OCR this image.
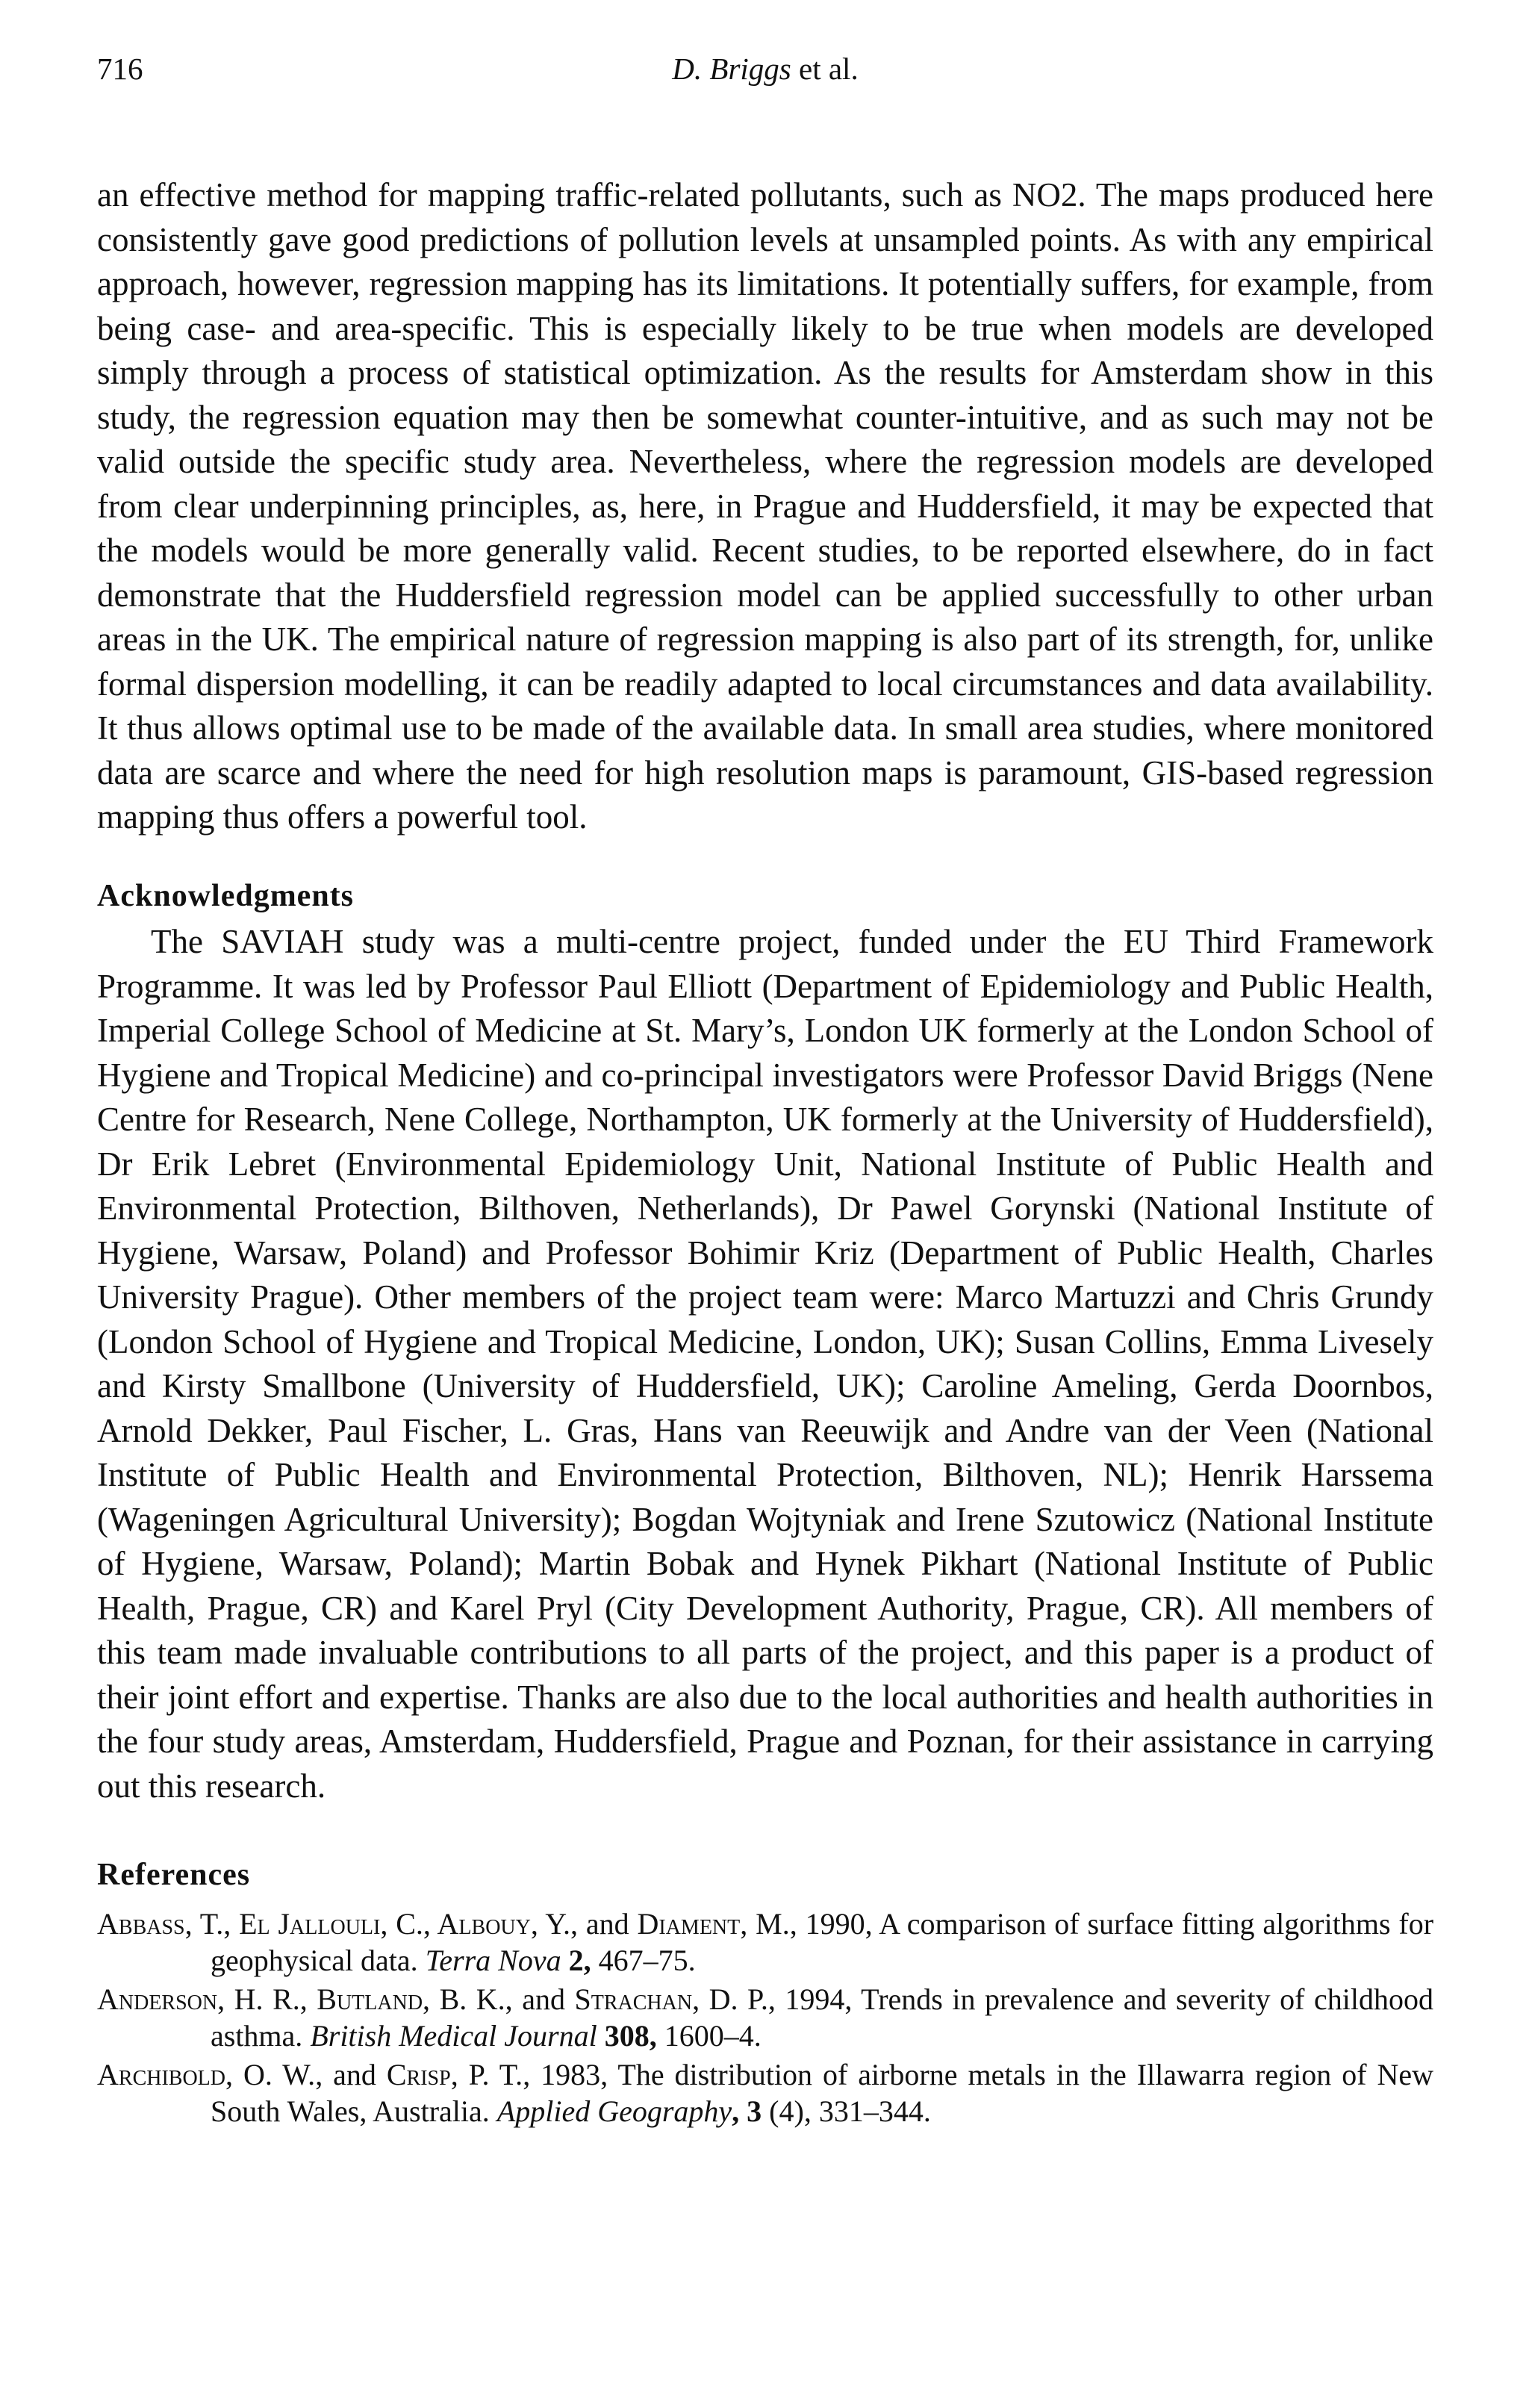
716	D. Briggs et al.

an effective method for mapping traffic-related pollutants, such as NO2. The maps produced here consistently gave good predictions of pollution levels at unsampled points. As with any empirical approach, however, regression mapping has its limitations. It potentially suffers, for example, from being case- and area-specific. This is especially likely to be true when models are developed simply through a process of statistical optimization. As the results for Amsterdam show in this study, the regression equation may then be somewhat counter-intuitive, and as such may not be valid outside the specific study area. Nevertheless, where the regression models are developed from clear underpinning principles, as, here, in Prague and Huddersfield, it may be expected that the models would be more generally valid. Recent studies, to be reported elsewhere, do in fact demonstrate that the Huddersfield regression model can be applied successfully to other urban areas in the UK. The empirical nature of regression mapping is also part of its strength, for, unlike formal dispersion modelling, it can be readily adapted to local circumstances and data availability. It thus allows optimal use to be made of the available data. In small area studies, where monitored data are scarce and where the need for high resolution maps is paramount, GIS-based regression mapping thus offers a powerful tool.

Acknowledgments

The SAVIAH study was a multi-centre project, funded under the EU Third Framework Programme. It was led by Professor Paul Elliott (Department of Epidemiology and Public Health, Imperial College School of Medicine at St. Mary’s, London UK formerly at the London School of Hygiene and Tropical Medicine) and co-principal investigators were Professor David Briggs (Nene Centre for Research, Nene College, Northampton, UK formerly at the University of Huddersfield), Dr Erik Lebret (Environmental Epidemiology Unit, National Institute of Public Health and Environmental Protection, Bilthoven, Netherlands), Dr Pawel Gorynski (National Institute of Hygiene, Warsaw, Poland) and Professor Bohimir Kriz (Department of Public Health, Charles University Prague). Other members of the project team were: Marco Martuzzi and Chris Grundy (London School of Hygiene and Tropical Medicine, London, UK); Susan Collins, Emma Livesely and Kirsty Smallbone (University of Huddersfield, UK); Caroline Ameling, Gerda Doornbos, Arnold Dekker, Paul Fischer, L. Gras, Hans van Reeuwijk and Andre van der Veen (National Institute of Public Health and Environmental Protection, Bilthoven, NL); Henrik Harssema (Wageningen Agricultural University); Bogdan Wojtyniak and Irene Szutowicz (National Institute of Hygiene, Warsaw, Poland); Martin Bobak and Hynek Pikhart (National Institute of Public Health, Prague, CR) and Karel Pryl (City Development Authority, Prague, CR). All members of this team made invaluable contributions to all parts of the project, and this paper is a product of their joint effort and expertise. Thanks are also due to the local authorities and health authorities in the four study areas, Amsterdam, Huddersfield, Prague and Poznan, for their assistance in carrying out this research.

References
Abbass, T., El Jallouli, C., Albouy, Y., and Diament, M., 1990, A comparison of surface fitting algorithms for geophysical data. Terra Nova 2, 467–75.
Anderson, H. R., Butland, B. K., and Strachan, D. P., 1994, Trends in prevalence and severity of childhood asthma. British Medical Journal 308, 1600–4.
Archibold, O. W., and Crisp, P. T., 1983, The distribution of airborne metals in the Illawarra region of New South Wales, Australia. Applied Geography, 3 (4), 331–344.
